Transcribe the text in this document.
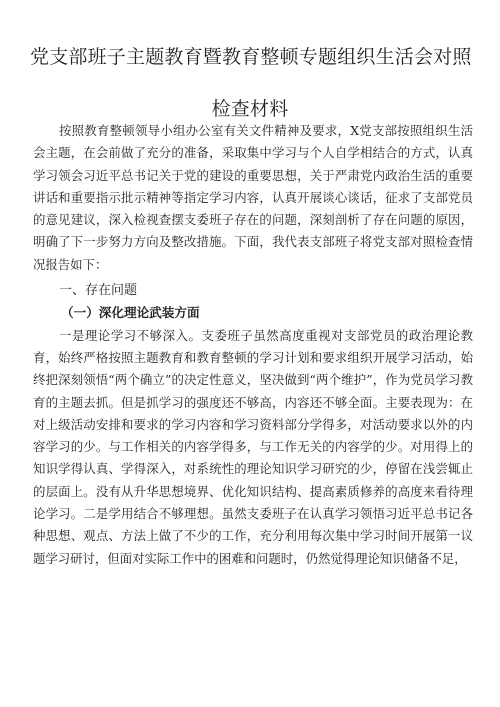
党支部班子主题教育暨教育整顿专题组织生活会对照
检查材料

按照教育整顿领导小组办公室有关文件精神及要求，X党支部按照组织生活会主题，在会前做了充分的准备，采取集中学习与个人自学相结合的方式，认真学习领会习近平总书记关于党的建设的重要思想，关于严肃党内政治生活的重要讲话和重要指示批示精神等指定学习内容，认真开展谈心谈话，征求了支部党员的意见建议，深入检视查摆支委班子存在的问题，深刻剖析了存在问题的原因，明确了下一步努力方向及整改措施。下面，我代表支部班子将党支部对照检查情况报告如下：

一、存在问题

（一）深化理论武装方面

一是理论学习不够深入。支委班子虽然高度重视对支部党员的政治理论教育，始终严格按照主题教育和教育整顿的学习计划和要求组织开展学习活动，始终把深刻领悟“两个确立”的决定性意义，坚决做到“两个维护”，作为党员学习教育的主题去抓。但是抓学习的强度还不够高，内容还不够全面。主要表现为：在对上级活动安排和要求的学习内容和学习资料部分学得多，对活动要求以外的内容学习的少。与工作相关的内容学得多，与工作无关的内容学的少。对用得上的知识学得认真、学得深入，对系统性的理论知识学习研究的少，停留在浅尝辄止的层面上。没有从升华思想境界、优化知识结构、提高素质修养的高度来看待理论学习。二是学用结合不够理想。虽然支委班子在认真学习领悟习近平总书记各种思想、观点、方法上做了不少的工作，充分利用每次集中学习时间开展第一议题学习研讨，但面对实际工作中的困难和问题时，仍然觉得理论知识储备不足，
